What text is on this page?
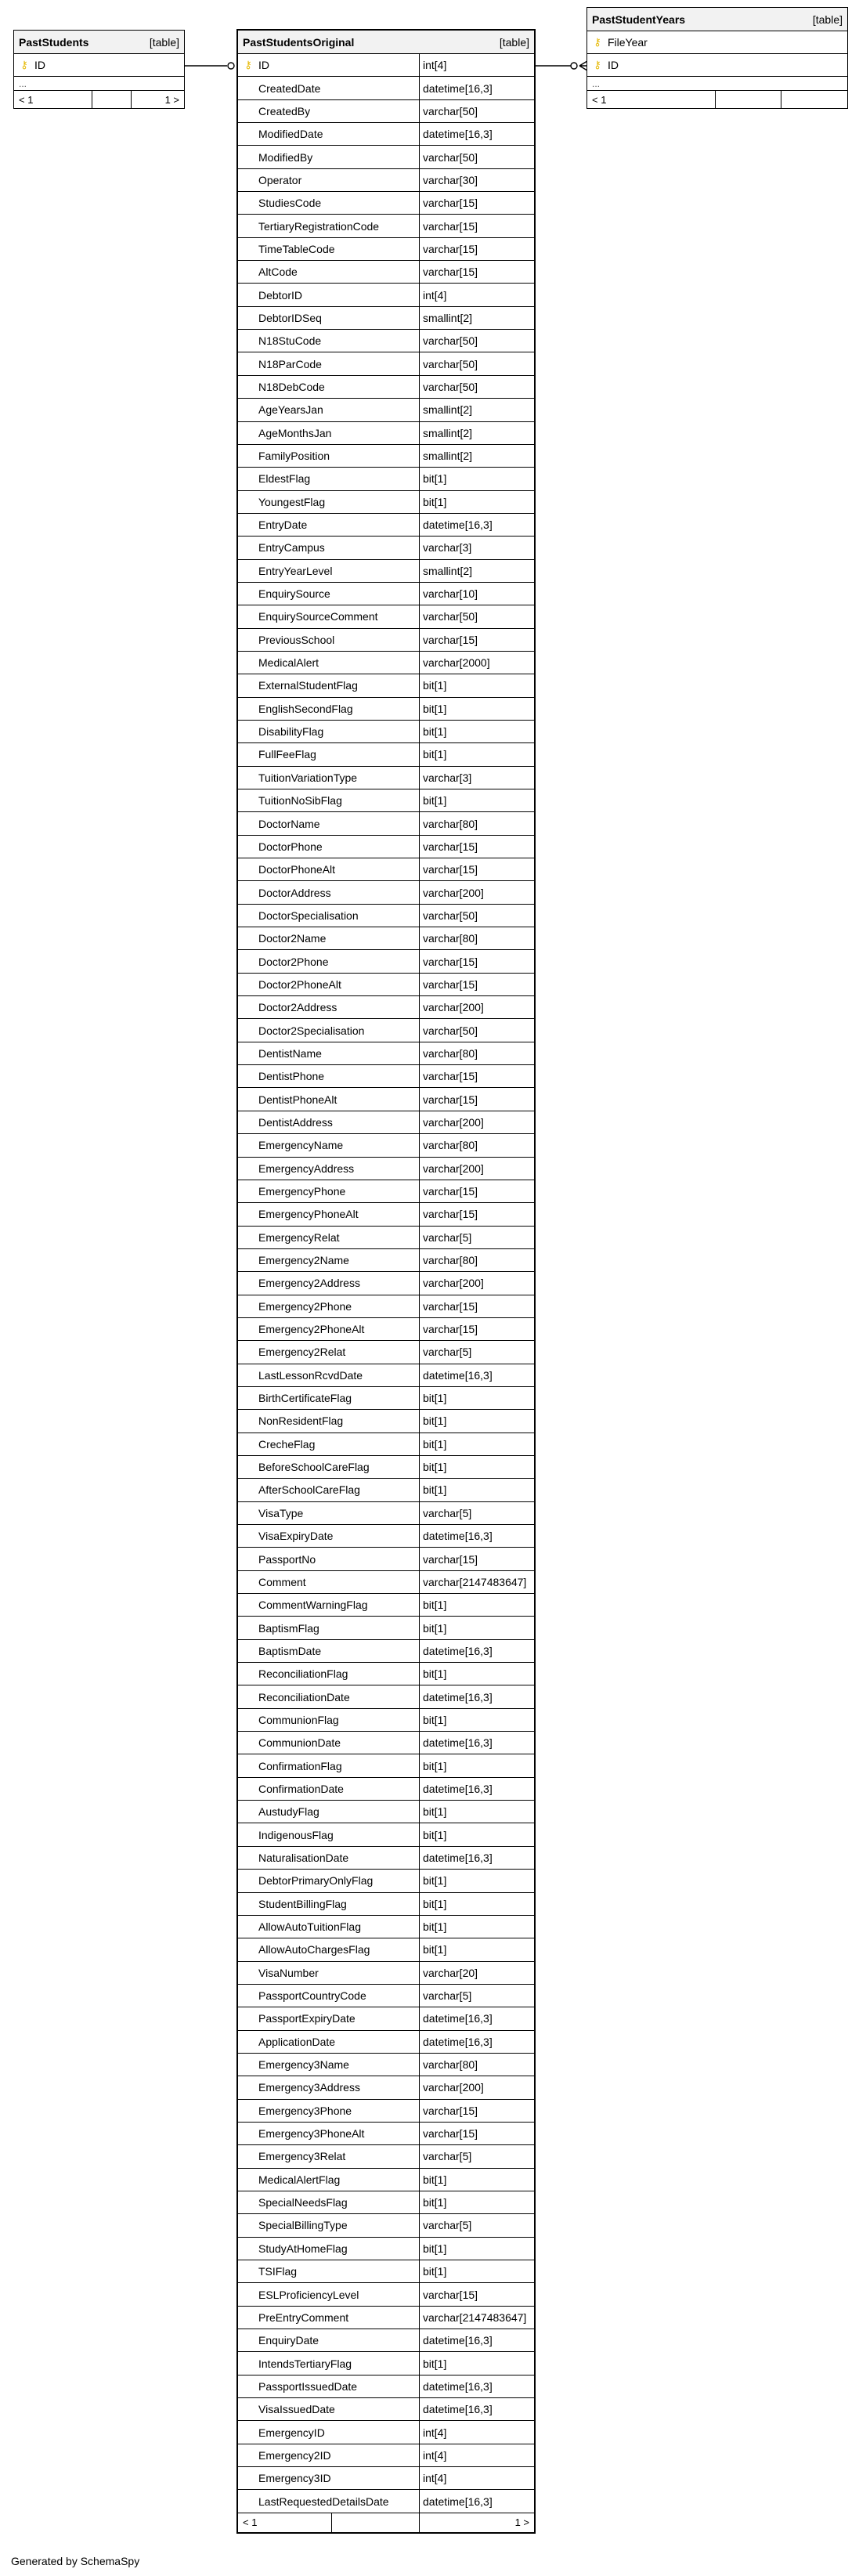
PastStudents	[table]
⚷ ID
...
< 1	1 >
PastStudentYears	[table]
⚷ FileYear
⚷ ID
...
< 1
PastStudentsOriginal	[table]
⚷ ID	int[4]
CreatedDate	datetime[16,3]
CreatedBy	varchar[50]
ModifiedDate	datetime[16,3]
ModifiedBy	varchar[50]
Operator	varchar[30]
StudiesCode	varchar[15]
TertiaryRegistrationCode	varchar[15]
TimeTableCode	varchar[15]
AltCode	varchar[15]
DebtorID	int[4]
DebtorIDSeq	smallint[2]
N18StuCode	varchar[50]
N18ParCode	varchar[50]
N18DebCode	varchar[50]
AgeYearsJan	smallint[2]
AgeMonthsJan	smallint[2]
FamilyPosition	smallint[2]
EldestFlag	bit[1]
YoungestFlag	bit[1]
EntryDate	datetime[16,3]
EntryCampus	varchar[3]
EntryYearLevel	smallint[2]
EnquirySource	varchar[10]
EnquirySourceComment	varchar[50]
PreviousSchool	varchar[15]
MedicalAlert	varchar[2000]
ExternalStudentFlag	bit[1]
EnglishSecondFlag	bit[1]
DisabilityFlag	bit[1]
FullFeeFlag	bit[1]
TuitionVariationType	varchar[3]
TuitionNoSibFlag	bit[1]
DoctorName	varchar[80]
DoctorPhone	varchar[15]
DoctorPhoneAlt	varchar[15]
DoctorAddress	varchar[200]
DoctorSpecialisation	varchar[50]
Doctor2Name	varchar[80]
Doctor2Phone	varchar[15]
Doctor2PhoneAlt	varchar[15]
Doctor2Address	varchar[200]
Doctor2Specialisation	varchar[50]
DentistName	varchar[80]
DentistPhone	varchar[15]
DentistPhoneAlt	varchar[15]
DentistAddress	varchar[200]
EmergencyName	varchar[80]
EmergencyAddress	varchar[200]
EmergencyPhone	varchar[15]
EmergencyPhoneAlt	varchar[15]
EmergencyRelat	varchar[5]
Emergency2Name	varchar[80]
Emergency2Address	varchar[200]
Emergency2Phone	varchar[15]
Emergency2PhoneAlt	varchar[15]
Emergency2Relat	varchar[5]
LastLessonRcvdDate	datetime[16,3]
BirthCertificateFlag	bit[1]
NonResidentFlag	bit[1]
CrecheFlag	bit[1]
BeforeSchoolCareFlag	bit[1]
AfterSchoolCareFlag	bit[1]
VisaType	varchar[5]
VisaExpiryDate	datetime[16,3]
PassportNo	varchar[15]
Comment	varchar[2147483647]
CommentWarningFlag	bit[1]
BaptismFlag	bit[1]
BaptismDate	datetime[16,3]
ReconciliationFlag	bit[1]
ReconciliationDate	datetime[16,3]
CommunionFlag	bit[1]
CommunionDate	datetime[16,3]
ConfirmationFlag	bit[1]
ConfirmationDate	datetime[16,3]
AustudyFlag	bit[1]
IndigenousFlag	bit[1]
NaturalisationDate	datetime[16,3]
DebtorPrimaryOnlyFlag	bit[1]
StudentBillingFlag	bit[1]
AllowAutoTuitionFlag	bit[1]
AllowAutoChargesFlag	bit[1]
VisaNumber	varchar[20]
PassportCountryCode	varchar[5]
PassportExpiryDate	datetime[16,3]
ApplicationDate	datetime[16,3]
Emergency3Name	varchar[80]
Emergency3Address	varchar[200]
Emergency3Phone	varchar[15]
Emergency3PhoneAlt	varchar[15]
Emergency3Relat	varchar[5]
MedicalAlertFlag	bit[1]
SpecialNeedsFlag	bit[1]
SpecialBillingType	varchar[5]
StudyAtHomeFlag	bit[1]
TSIFlag	bit[1]
ESLProficiencyLevel	varchar[15]
PreEntryComment	varchar[2147483647]
EnquiryDate	datetime[16,3]
IntendsTertiaryFlag	bit[1]
PassportIssuedDate	datetime[16,3]
VisaIssuedDate	datetime[16,3]
EmergencyID	int[4]
Emergency2ID	int[4]
Emergency3ID	int[4]
LastRequestedDetailsDate	datetime[16,3]
< 1	1 >
Generated by SchemaSpy
